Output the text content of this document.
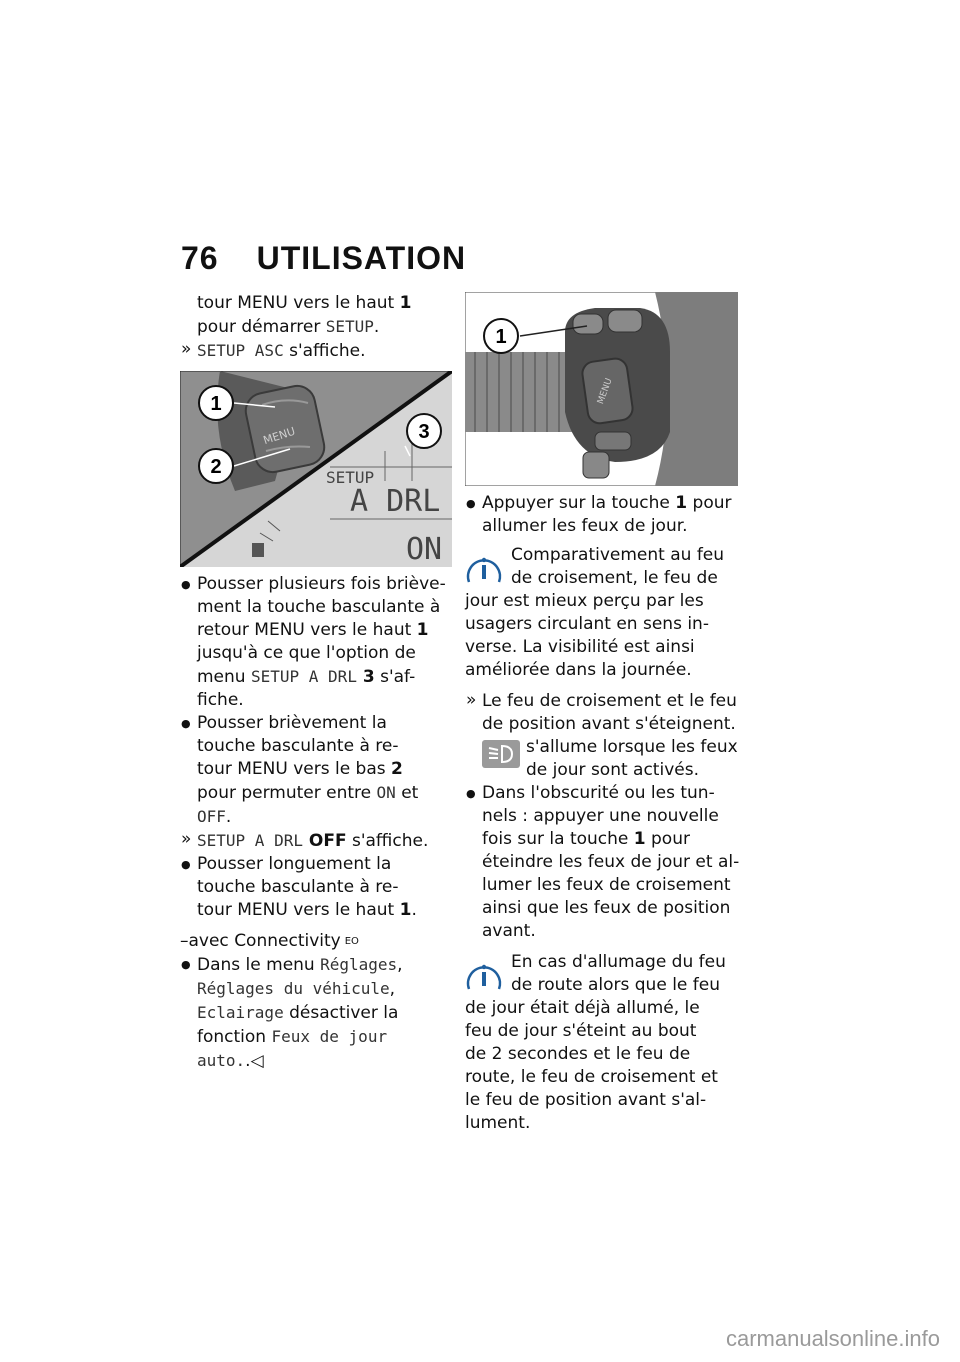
76 UTILISATION
tour MENU vers le haut 1
pour démarrer SETUP.
» SETUP ASC s'affiche.
MENU
1
2
3
SETUP
A DRL
ON
● Pousser plusieurs fois briève-
ment la touche basculante à
retour MENU vers le haut 1
jusqu'à ce que l'option de
menu SETUP A DRL 3 s'af-
fiche.
● Pousser brièvement la
touche basculante à re-
tour MENU vers le bas 2
pour permuter entre ON et
OFF.
» SETUP A DRL OFF s'affiche.
● Pousser longuement la
touche basculante à re-
tour MENU vers le haut 1.
–avec Connectivity $^{EO}$
● Dans le menu Réglages,
Réglages du véhicule,
Eclairage désactiver la
fonction Feux de jour
auto..◁
MENU
1
● Appuyer sur la touche 1 pour
allumer les feux de jour.
Comparativement au feu
de croisement, le feu de
jour est mieux perçu par les
usagers circulant en sens in-
verse. La visibilité est ainsi
améliorée dans la journée.
» Le feu de croisement et le feu
de position avant s'éteignent.
s'allume lorsque les feux
de jour sont activés.
● Dans l'obscurité ou les tun-
nels : appuyer une nouvelle
fois sur la touche 1 pour
éteindre les feux de jour et al-
lumer les feux de croisement
ainsi que les feux de position
avant.
En cas d'allumage du feu
de route alors que le feu
de jour était déjà allumé, le
feu de jour s'éteint au bout
de 2 secondes et le feu de
route, le feu de croisement et
le feu de position avant s'al-
lument.
carmanualsonline.info
